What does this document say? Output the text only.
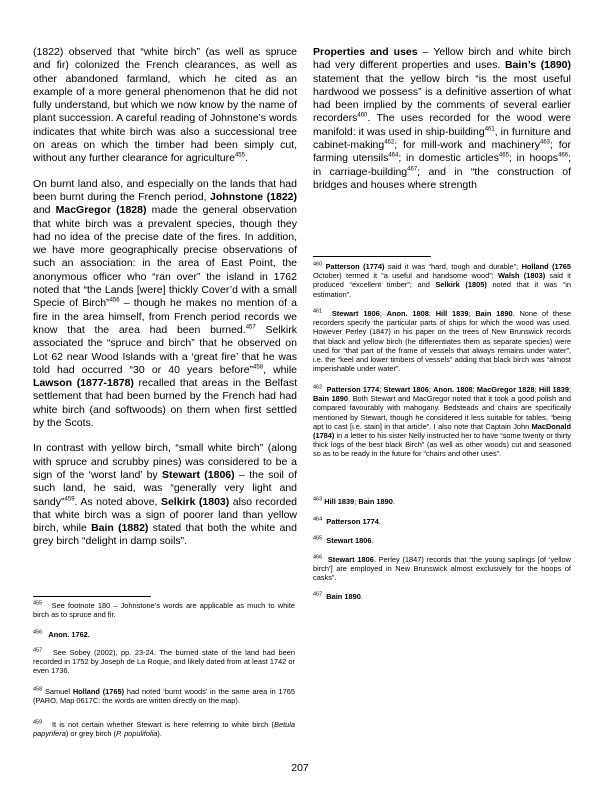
(1822) observed that “white birch” (as well as spruce and fir) colonized the French clearances, as well as other abandoned farmland, which he cited as an example of a more general phenomenon that he did not fully understand, but which we now know by the name of plant succession. A careful reading of Johnstone’s words indicates that white birch was also a successional tree on areas on which the timber had been simply cut, without any further clearance for agriculture$^{455}$.

On burnt land also, and especially on the lands that had been burnt during the French period, Johnstone (1822) and MacGregor (1828) made the general observation that white birch was a prevalent species, though they had no idea of the precise date of the fires. In addition, we have more geographically precise observations of such an association: in the area of East Point, the anonymous officer who “ran over” the island in 1762 noted that “the Lands [were] thickly Cover’d with a small Specie of Birch”$^{456}$ – though he makes no mention of a fire in the area himself, from French period records we know that the area had been burned.$^{457}$ Selkirk associated the “spruce and birch” that he observed on Lot 62 near Wood Islands with a ‘great fire’ that he was told had occurred “30 or 40 years before”$^{458}$, while Lawson (1877-1878) recalled that areas in the Belfast settlement that had been burned by the French had had white birch (and softwoods) on them when first settled by the Scots.

In contrast with yellow birch, “small white birch” (along with spruce and scrubby pines) was considered to be a sign of the ‘worst land’ by Stewart (1806) – the soil of such land, he said, was “generally very light and sandy”$^{459}$. As noted above, Selkirk (1803) also recorded that white birch was a sign of poorer land than yellow birch, while Bain (1882) stated that both the white and grey birch “delight in damp soils”.

$^{455}$ See footnote 180 – Johnstone’s words are applicable as much to white birch as to spruce and fir.

$^{456}$ Anon. 1762.

$^{457}$ See Sobey (2002), pp. 23-24. The burned state of the land had been recorded in 1752 by Joseph de La Roque, and likely dated from at least 1742 or even 1736.

$^{458}$ Samuel Holland (1765) had noted ‘burnt woods’ in the same area in 1765 (PARO, Map 0617C: the words are written directly on the map).

$^{459}$ It is not certain whether Stewart is here referring to white birch (Betula papyrifera) or grey birch (P. populifolia).

Properties and uses – Yellow birch and white birch had very different properties and uses. Bain’s (1890) statement that the yellow birch “is the most useful hardwood we possess” is a definitive assertion of what had been implied by the comments of several earlier recorders$^{460}$. The uses recorded for the wood were manifold: it was used in ship-building$^{461}$, in furniture and cabinet-making$^{462}$; for mill-work and machinery$^{463}$; for farming utensils$^{464}$; in domestic articles$^{465}$; in hoops$^{466}$; in carriage-building$^{467}$; and in “the construction of bridges and houses where strength

$^{460}$ Patterson (1774) said it was “hard, tough and durable”; Holland (1765 October) termed it “a useful and handsome wood”; Walsh (1803) said it produced “excellent timber”; and Selkirk (1805) noted that it was “in estimation”.

$^{461}$ Stewart 1806; Anon. 1808; Hill 1839; Bain 1890. None of these recorders specify the particular parts of ships for which the wood was used. However Perley (1847) in his paper on the trees of New Brunswick records that black and yellow birch (he differentiates them as separate species) were used for “that part of the frame of vessels that always remains under water”, i.e. the “keel and lower timbers of vessels” adding that black birch was “almost imperishable under water”.

$^{462}$ Patterson 1774; Stewart 1806; Anon. 1808; MacGregor 1828; Hill 1839; Bain 1890. Both Stewart and MacGregor noted that it took a good polish and compared favourably with mahogany. Bedsteads and chairs are specifically mentioned by Stewart, though he considered it less suitable for tables, “being apt to cast [i.e. stain] in that article”. I also note that Captain John MacDonald (1784) in a letter to his sister Nelly instructed her to have “some twenty or thirty thick logs of the best black Birch” (as well as other woods) cut and seasoned so as to be ready in the future for “chairs and other uses”.

$^{463}$ Hill 1839; Bain 1890.

$^{464}$ Patterson 1774.

$^{465}$ Stewart 1806.

$^{466}$ Stewart 1806. Perley (1847) records that “the young saplings [of ‘yellow birch’] are employed in New Brunswick almost exclusively for the hoops of casks”.

$^{467}$ Bain 1890.

207
